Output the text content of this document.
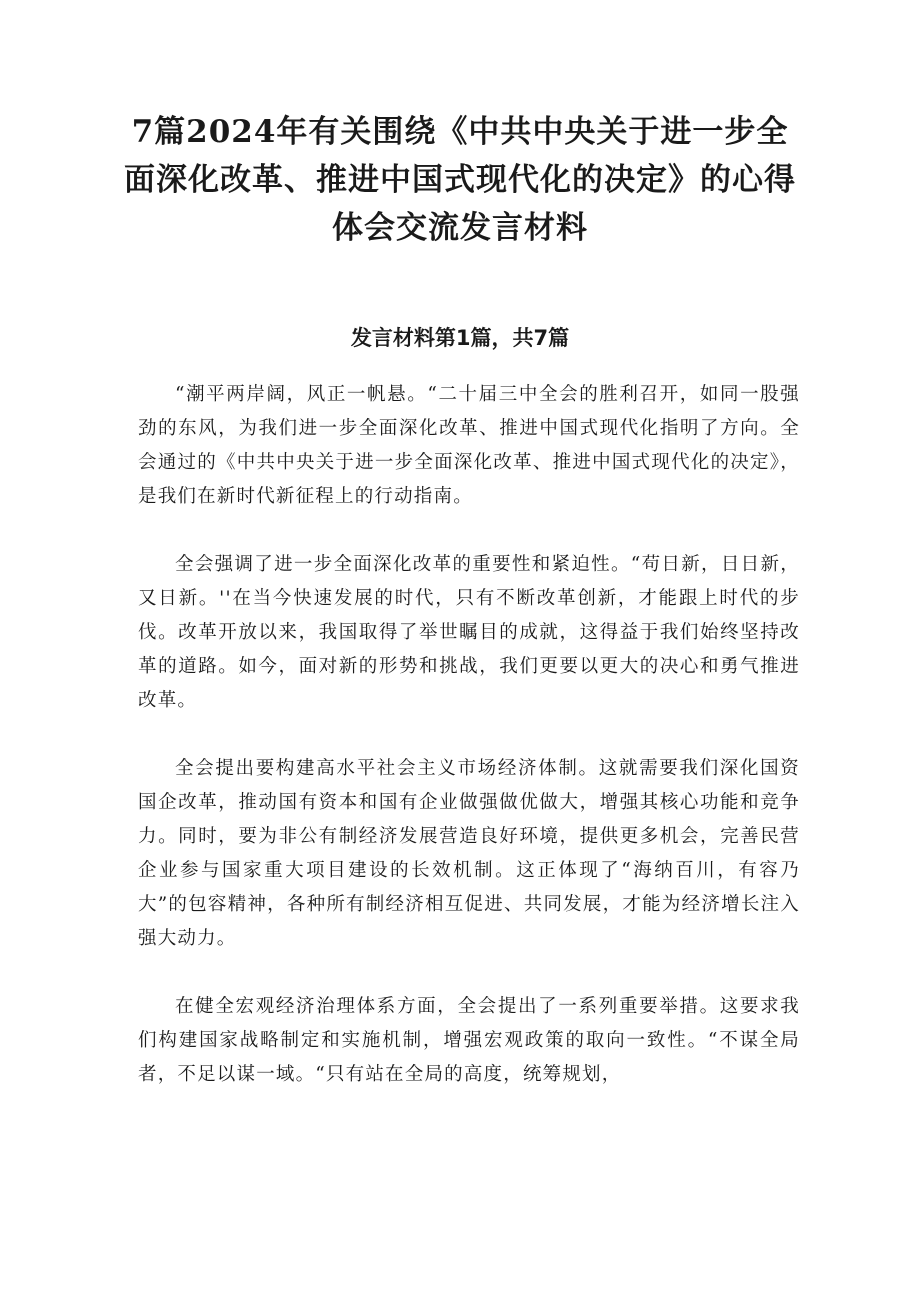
7篇2024年有关围绕《中共中央关于进一步全面深化改革、推进中国式现代化的决定》的心得体会交流发言材料
发言材料第1篇，共7篇

“潮平两岸阔，风正一帆悬。“二十届三中全会的胜利召开，如同一股强劲的东风，为我们进一步全面深化改革、推进中国式现代化指明了方向。全会通过的《中共中央关于进一步全面深化改革、推进中国式现代化的决定》，是我们在新时代新征程上的行动指南。

全会强调了进一步全面深化改革的重要性和紧迫性。“苟日新，日日新，又日新。''在当今快速发展的时代，只有不断改革创新，才能跟上时代的步伐。改革开放以来，我国取得了举世瞩目的成就，这得益于我们始终坚持改革的道路。如今，面对新的形势和挑战，我们更要以更大的决心和勇气推进改革。

全会提出要构建高水平社会主义市场经济体制。这就需要我们深化国资国企改革，推动国有资本和国有企业做强做优做大，增强其核心功能和竞争力。同时，要为非公有制经济发展营造良好环境，提供更多机会，完善民营企业参与国家重大项目建设的长效机制。这正体现了“海纳百川，有容乃大”的包容精神，各种所有制经济相互促进、共同发展，才能为经济增长注入强大动力。

在健全宏观经济治理体系方面，全会提出了一系列重要举措。这要求我们构建国家战略制定和实施机制，增强宏观政策的取向一致性。“不谋全局者，不足以谋一域。“只有站在全局的高度，统筹规划，
